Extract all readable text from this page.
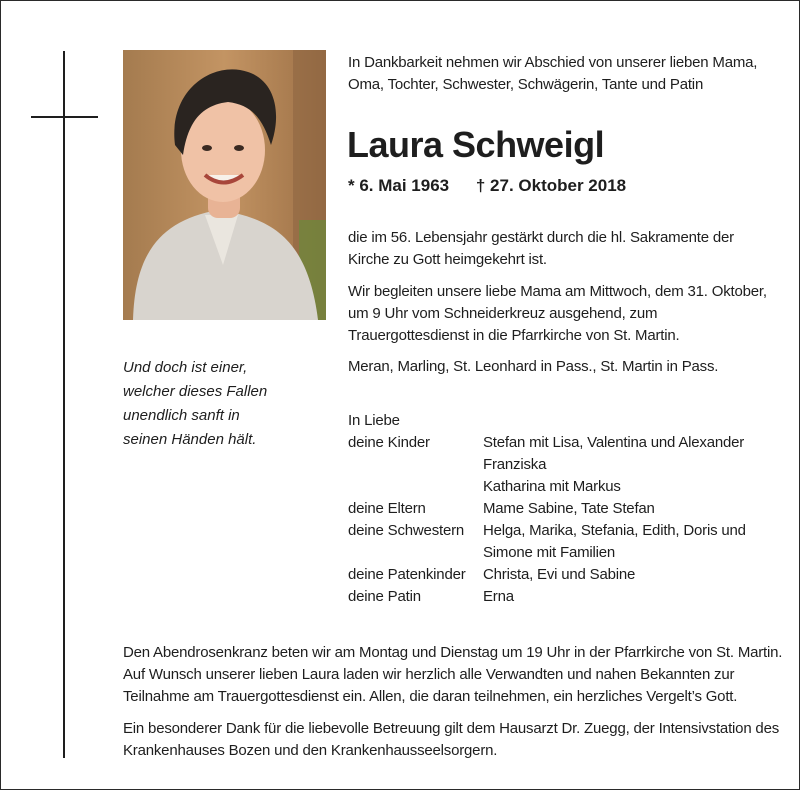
In Dankbarkeit nehmen wir Abschied von unserer lieben Mama, Oma, Tochter, Schwester, Schwägerin, Tante und Patin
Laura Schweigl
* 6. Mai 1963 † 27. Oktober 2018
die im 56. Lebensjahr gestärkt durch die hl. Sakramente der Kirche zu Gott heimgekehrt ist.
Wir begleiten unsere liebe Mama am Mittwoch, dem 31. Oktober, um 9 Uhr vom Schneiderkreuz ausgehend, zum Trauergottesdienst in die Pfarrkirche von St. Martin.
Meran, Marling, St. Leonhard in Pass., St. Martin in Pass.
Und doch ist einer,
welcher dieses Fallen
unendlich sanft in
seinen Händen hält.
In Liebe
deine Kinder	Stefan mit Lisa, Valentina und Alexander
Franziska
Katharina mit Markus
deine Eltern	Mame Sabine, Tate Stefan
deine Schwestern	Helga, Marika, Stefania, Edith, Doris und
Simone mit Familien
deine Patenkinder	Christa, Evi und Sabine
deine Patin	Erna
Den Abendrosenkranz beten wir am Montag und Dienstag um 19 Uhr in der Pfarrkirche von St. Martin. Auf Wunsch unserer lieben Laura laden wir herzlich alle Verwandten und nahen Bekannten zur Teilnahme am Trauergottesdienst ein. Allen, die daran teilnehmen, ein herzliches Vergelt’s Gott.
Ein besonderer Dank für die liebevolle Betreuung gilt dem Hausarzt Dr. Zuegg, der Intensivstation des Krankenhauses Bozen und den Krankenhausseelsorgern.
